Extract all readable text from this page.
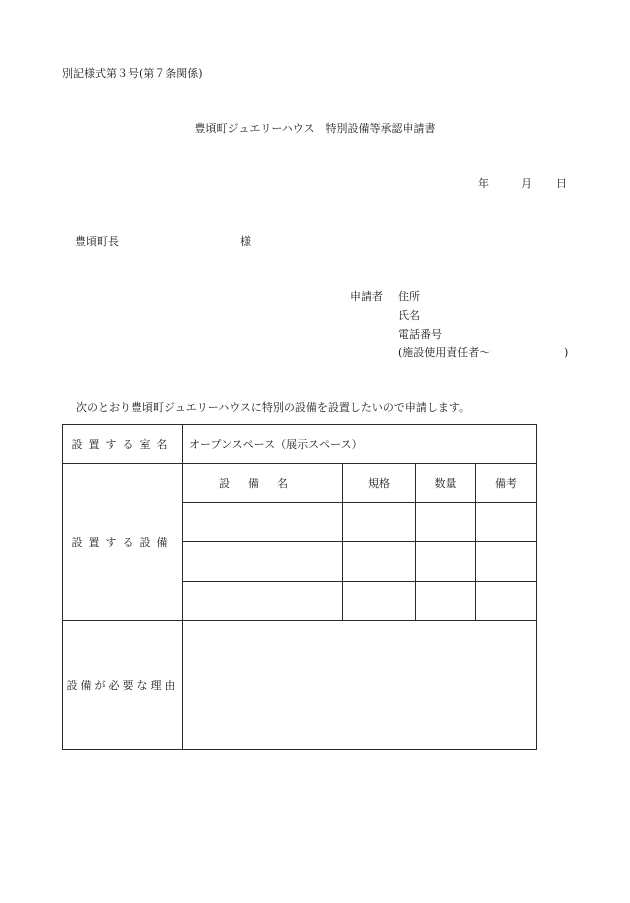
別記様式第３号(第７条関係)
豊頃町ジュエリーハウス　特別設備等承認申請書
年	月 日
豊頃町長	様
申請者 住所
氏名
電話番号
(施設使用責任者〜	)
次のとおり豊頃町ジュエリーハウスに特別の設備を設置したいので申請します。
設置する室名	オープンスペース（展示スペース）			
設置する設備	設備名	規格	数量	備考

設備が必要な理由				
